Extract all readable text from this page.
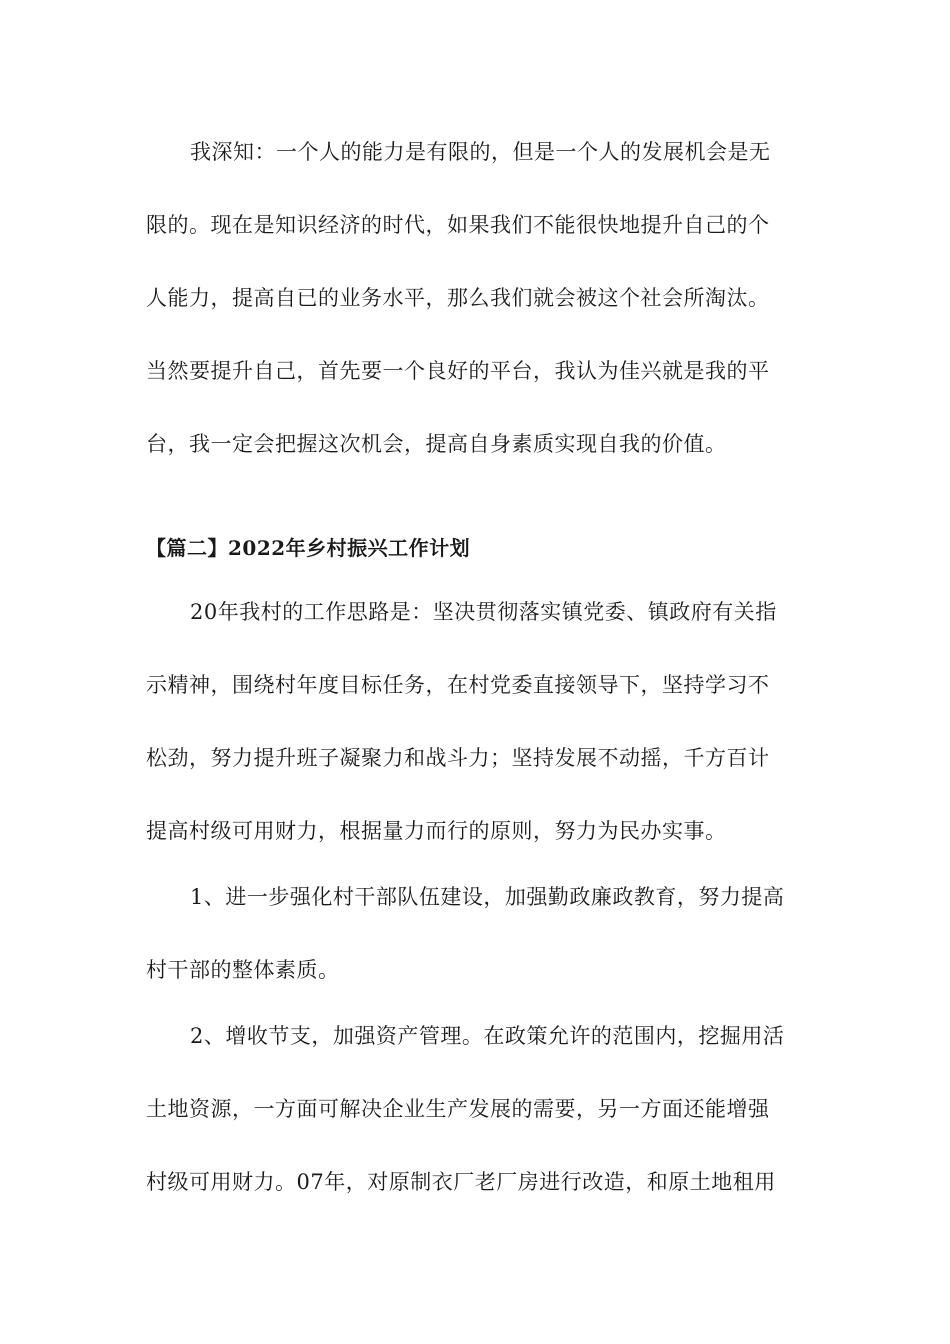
我深知：一个人的能力是有限的，但是一个人的发展机会是无
限的。现在是知识经济的时代，如果我们不能很快地提升自己的个
人能力，提高自已的业务水平，那么我们就会被这个社会所淘汰。
当然要提升自己，首先要一个良好的平台，我认为佳兴就是我的平
台，我一定会把握这次机会，提高自身素质实现自我的价值。
【篇二】2022年乡村振兴工作计划
20年我村的工作思路是：坚决贯彻落实镇党委、镇政府有关指
示精神，围绕村年度目标任务，在村党委直接领导下，坚持学习不
松劲，努力提升班子凝聚力和战斗力；坚持发展不动摇，千方百计
提高村级可用财力，根据量力而行的原则，努力为民办实事。
1、进一步强化村干部队伍建设，加强勤政廉政教育，努力提高
村干部的整体素质。
2、增收节支，加强资产管理。在政策允许的范围内，挖掘用活
土地资源，一方面可解决企业生产发展的需要，另一方面还能增强
村级可用财力。07年，对原制衣厂老厂房进行改造，和原土地租用
